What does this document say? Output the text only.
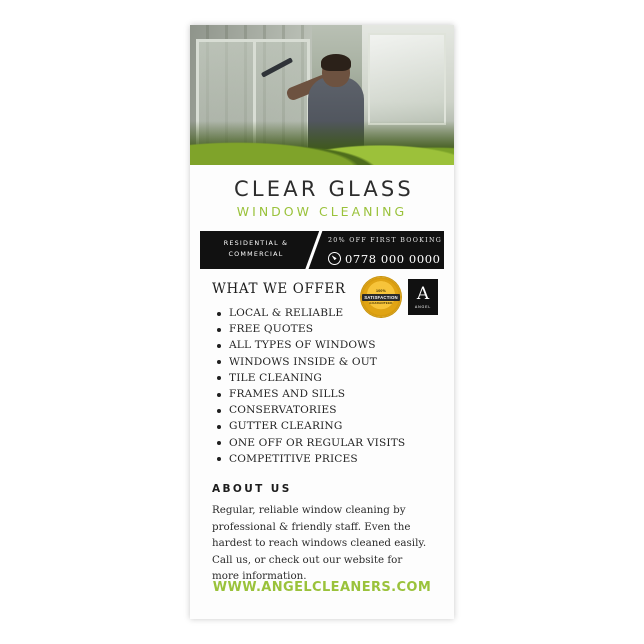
CLEAR GLASS
WINDOW CLEANING
RESIDENTIAL &
COMMERCIAL
20% OFF FIRST BOOKING
0778 000 0000
100%
SATISFACTION
GUARANTEED A
ANGEL
WHAT WE OFFER
LOCAL & RELIABLE
FREE QUOTES
ALL TYPES OF WINDOWS
WINDOWS INSIDE & OUT
TILE CLEANING
FRAMES AND SILLS
CONSERVATORIES
GUTTER CLEARING
ONE OFF OR REGULAR VISITS
COMPETITIVE PRICES
ABOUT US
Regular, reliable window cleaning by professional & friendly staff. Even the hardest to reach windows cleaned easily. Call us, or check out our website for more information.
WWW.ANGELCLEANERS.COM
